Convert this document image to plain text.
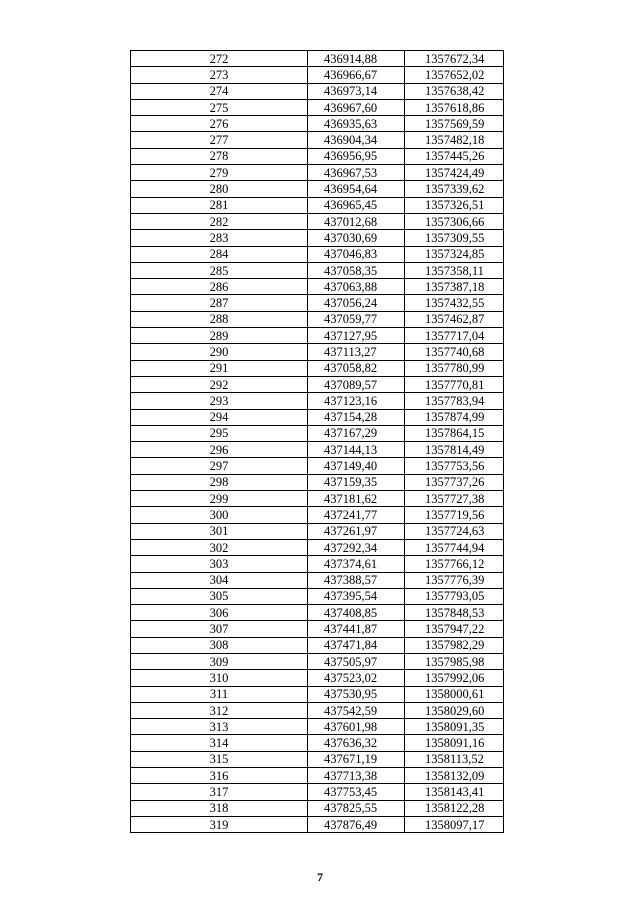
272	436914,88	1357672,34
273	436966,67	1357652,02
274	436973,14	1357638,42
275	436967,60	1357618,86
276	436935,63	1357569,59
277	436904,34	1357482,18
278	436956,95	1357445,26
279	436967,53	1357424,49
280	436954,64	1357339,62
281	436965,45	1357326,51
282	437012,68	1357306,66
283	437030,69	1357309,55
284	437046,83	1357324,85
285	437058,35	1357358,11
286	437063,88	1357387,18
287	437056,24	1357432,55
288	437059,77	1357462,87
289	437127,95	1357717,04
290	437113,27	1357740,68
291	437058,82	1357780,99
292	437089,57	1357770,81
293	437123,16	1357783,94
294	437154,28	1357874,99
295	437167,29	1357864,15
296	437144,13	1357814,49
297	437149,40	1357753,56
298	437159,35	1357737,26
299	437181,62	1357727,38
300	437241,77	1357719,56
301	437261,97	1357724,63
302	437292,34	1357744,94
303	437374,61	1357766,12
304	437388,57	1357776,39
305	437395,54	1357793,05
306	437408,85	1357848,53
307	437441,87	1357947,22
308	437471,84	1357982,29
309	437505,97	1357985,98
310	437523,02	1357992,06
311	437530,95	1358000,61
312	437542,59	1358029,60
313	437601,98	1358091,35
314	437636,32	1358091,16
315	437671,19	1358113,52
316	437713,38	1358132,09
317	437753,45	1358143,41
318	437825,55	1358122,28
319	437876,49	1358097,17
7
